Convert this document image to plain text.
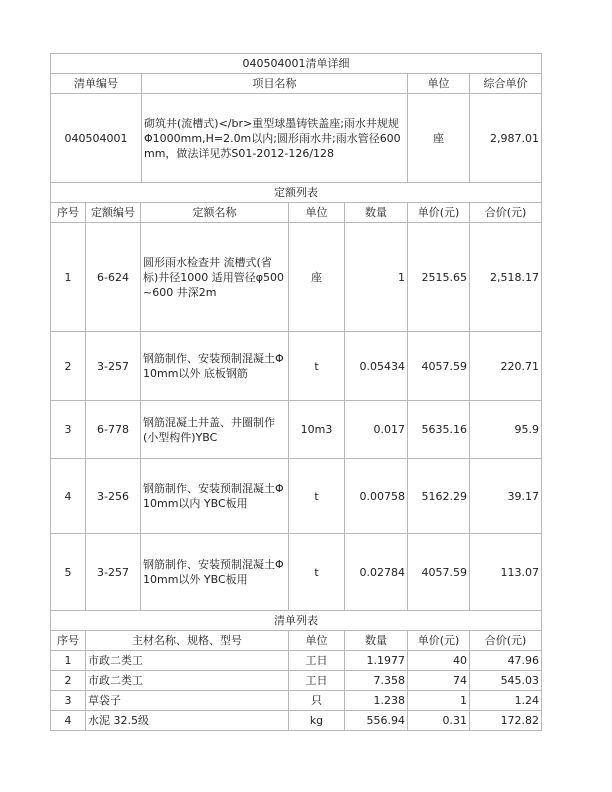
040504001清单详细			
清单编号	项目名称	单位	综合单价
040504001	砌筑井(流槽式)</br>重型球墨铸铁盖座;雨水井规规Φ1000mm,H=2.0m以内;圆形雨水井;雨水管径600mm，做法详见苏S01-2012-126/128	座	2,987.01
定额列表						
序号	定额编号	定额名称	单位	数量	单价(元)	合价(元)
1	6-624	圆形雨水检查井 流槽式(省标)井径1000 适用管径φ500~600 井深2m	座	1	2515.65	2,518.17
2	3-257	钢筋制作、安装预制混凝土Φ10mm以外 底板钢筋	t	0.05434	4057.59	220.71
3	6-778	钢筋混凝土井盖、井圈制作(小型构件)YBC	10m3	0.017	5635.16	95.9
4	3-256	钢筋制作、安装预制混凝土Φ10mm以内 YBC板用	t	0.00758	5162.29	39.17
5	3-257	钢筋制作、安装预制混凝土Φ10mm以外 YBC板用	t	0.02784	4057.59	113.07
清单列表					
序号	主材名称、规格、型号	单位	数量	单价(元)	合价(元)
1	市政二类工	工日	1.1977	40	47.96
2	市政二类工	工日	7.358	74	545.03
3	草袋子	只	1.238	1	1.24
4	水泥 32.5级	kg	556.94	0.31	172.82
